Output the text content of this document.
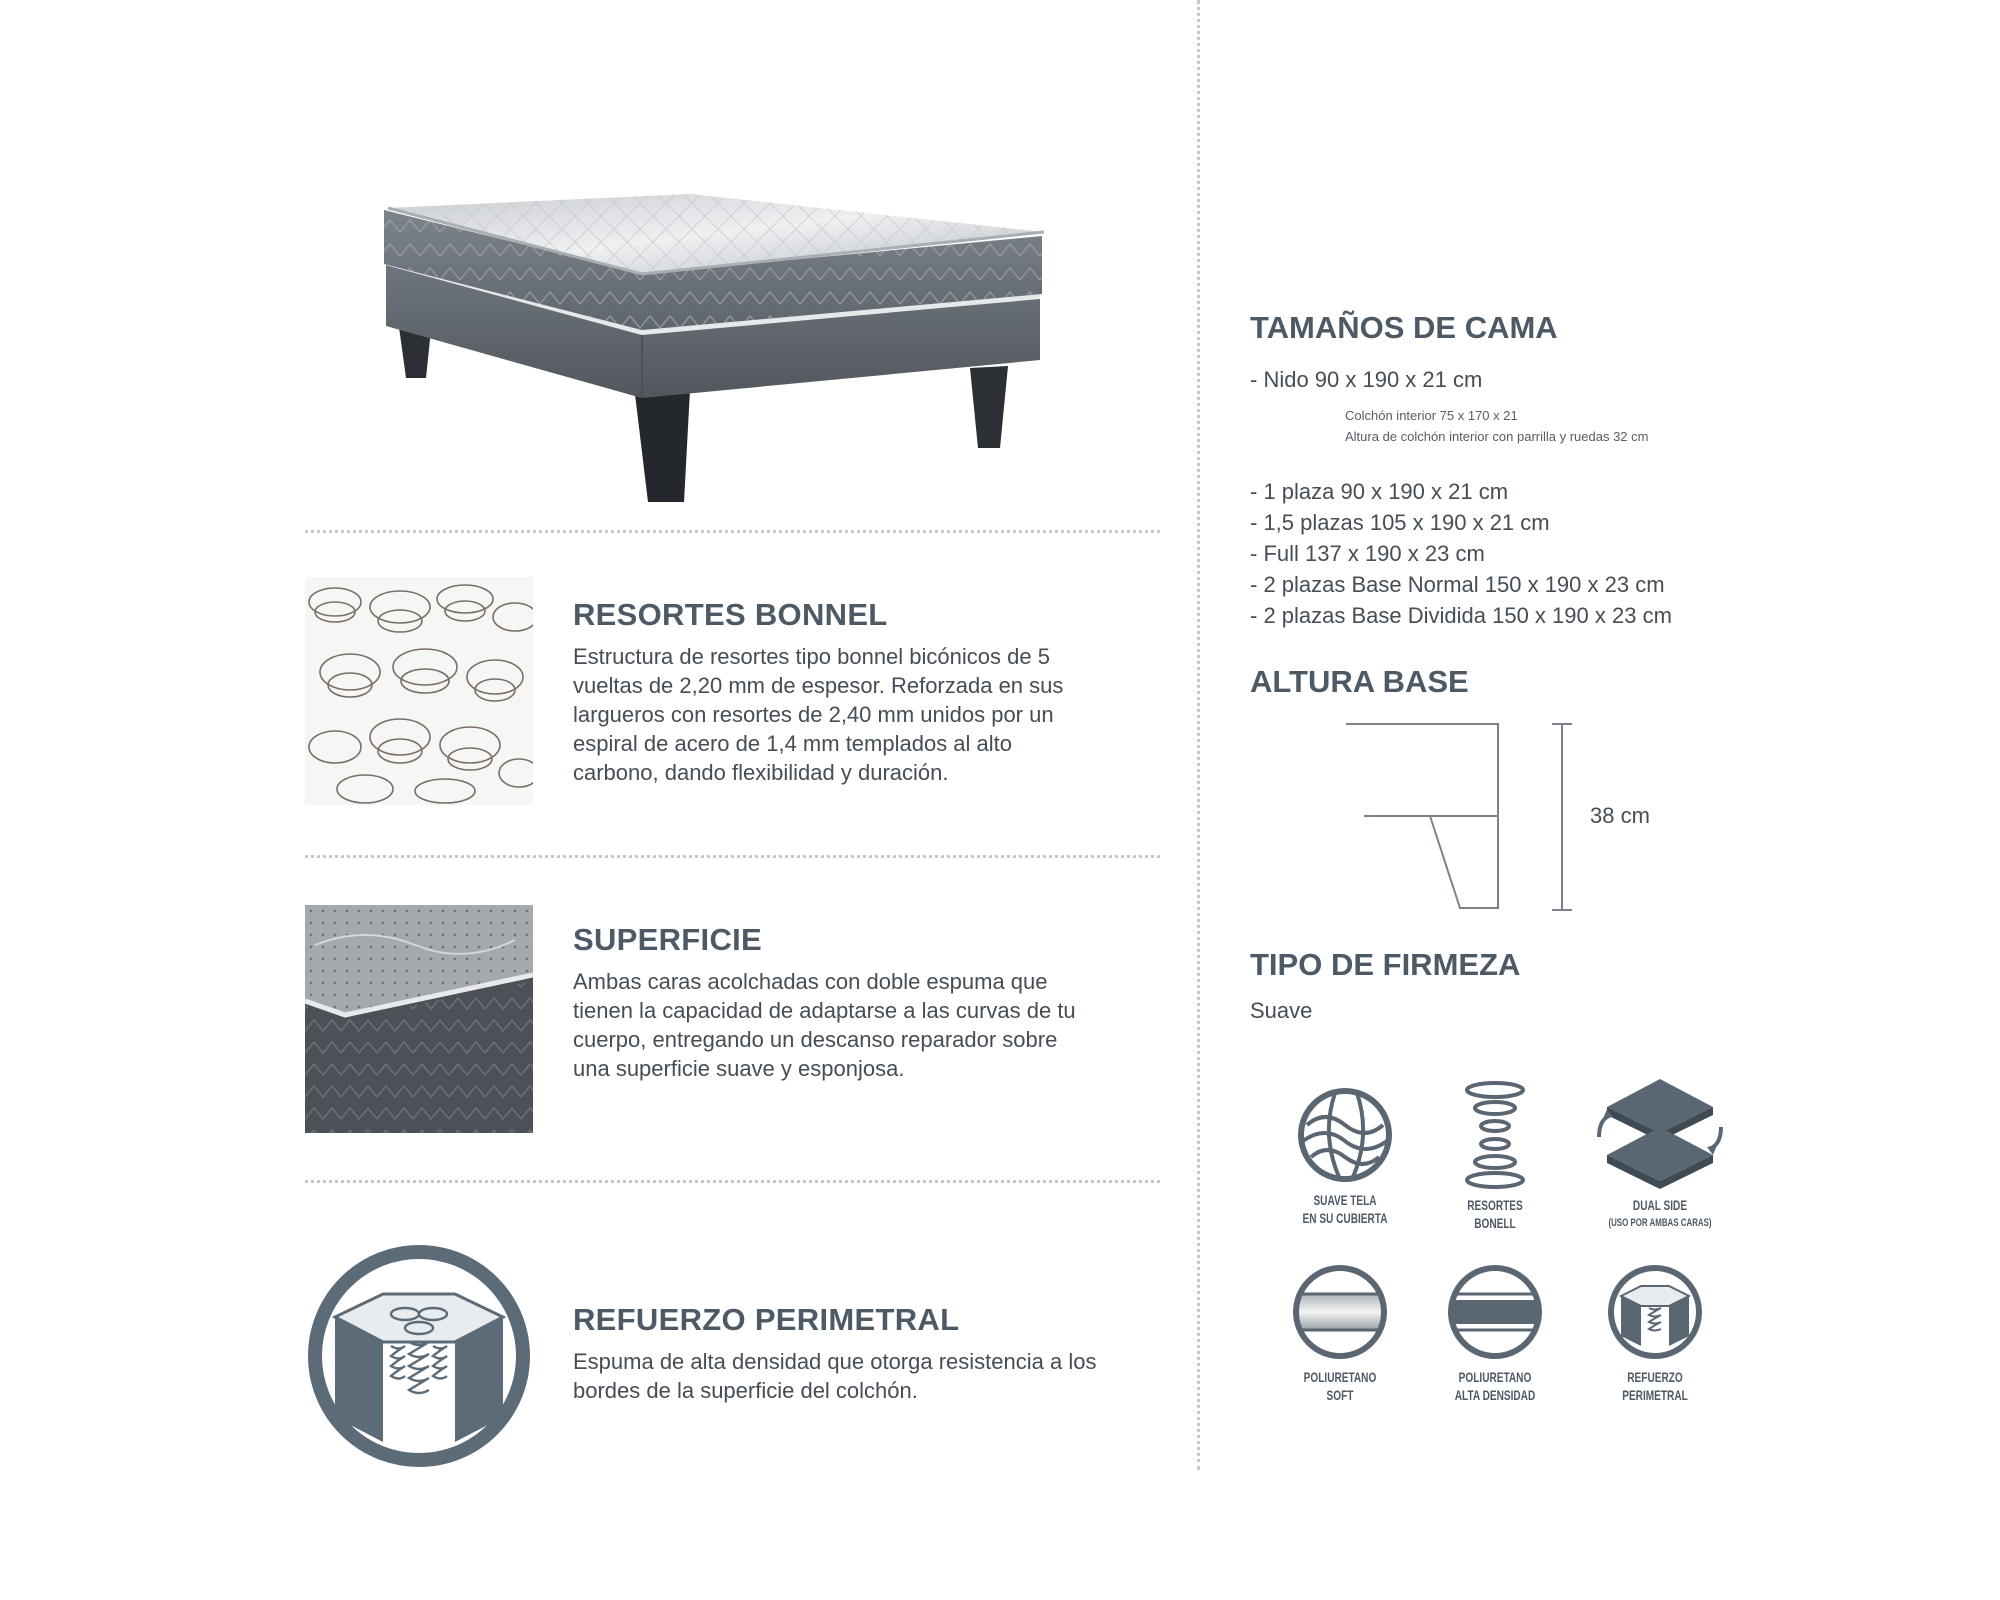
RESORTES BONNEL
Estructura de resortes tipo bonnel bicónicos de 5
vueltas de 2,20 mm de espesor. Reforzada en sus
largueros con resortes de 2,40 mm unidos por un
espiral de acero de 1,4 mm templados al alto
carbono, dando flexibilidad y duración.
SUPERFICIE
Ambas caras acolchadas con doble espuma que
tienen la capacidad de adaptarse a las curvas de tu
cuerpo, entregando un descanso reparador sobre
una superficie suave y esponjosa.
REFUERZO PERIMETRAL
Espuma de alta densidad que otorga resistencia a los
bordes de la superficie del colchón.
TAMAÑOS DE CAMA
- Nido 90 x 190 x 21 cm
Colchón interior 75 x 170 x 21
Altura de colchón interior con parrilla y ruedas 32 cm
- 1 plaza 90 x 190 x 21 cm
- 1,5 plazas 105 x 190 x 21 cm
- Full 137 x 190 x 23 cm
- 2 plazas Base Normal 150 x 190 x 23 cm
- 2 plazas Base Dividida 150 x 190 x 23 cm
ALTURA BASE
38 cm
TIPO DE FIRMEZA
Suave
SUAVE TELA
EN SU CUBIERTA
RESORTES
BONELL
DUAL SIDE
(USO POR AMBAS CARAS)
POLIURETANO
SOFT
POLIURETANO
ALTA DENSIDAD
REFUERZO
PERIMETRAL
